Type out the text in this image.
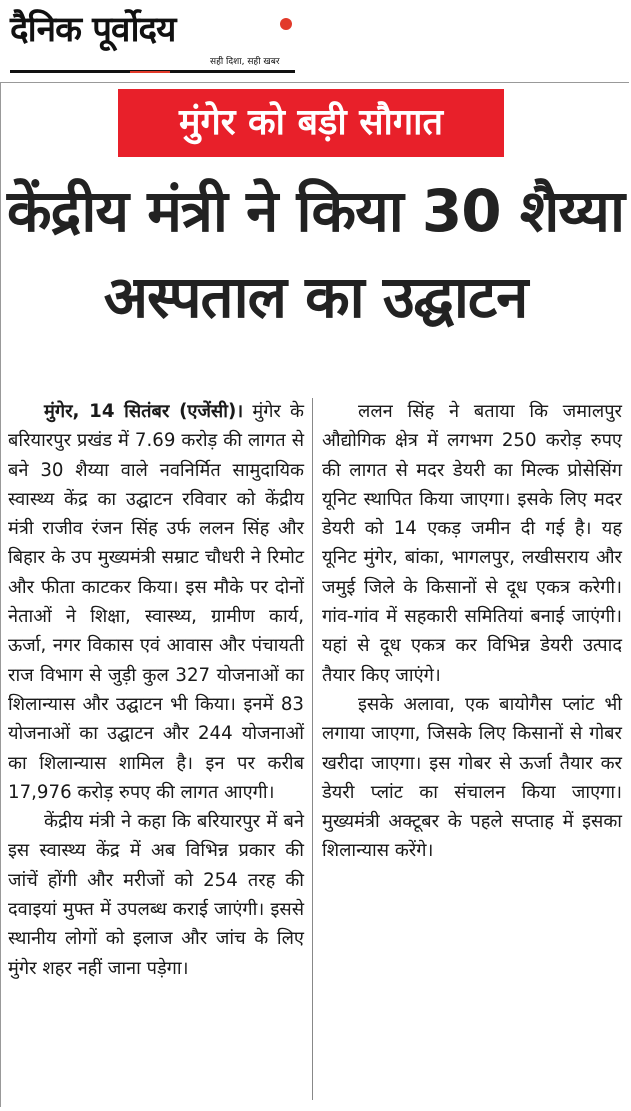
दैनिक पूर्वोदय
सही दिशा, सही खबर
मुंगेर को बड़ी सौगात
केंद्रीय मंत्री ने किया 30 शैय्या अस्पताल का उद्घाटन

मुंगेर, 14 सितंबर (एजेंसी)। मुंगेर के बरियारपुर प्रखंड में 7.69 करोड़ की लागत से बने 30 शैय्या वाले नवनिर्मित सामुदायिक स्वास्थ्य केंद्र का उद्घाटन रविवार को केंद्रीय मंत्री राजीव रंजन सिंह उर्फ ललन सिंह और बिहार के उप मुख्यमंत्री सम्राट चौधरी ने रिमोट और फीता काटकर किया। इस मौके पर दोनों नेताओं ने शिक्षा, स्वास्थ्य, ग्रामीण कार्य, ऊर्जा, नगर विकास एवं आवास और पंचायती राज विभाग से जुड़ी कुल 327 योजनाओं का शिलान्यास और उद्घाटन भी किया। इनमें 83 योजनाओं का उद्घाटन और 244 योजनाओं का शिलान्यास शामिल है। इन पर करीब 17,976 करोड़ रुपए की लागत आएगी।

केंद्रीय मंत्री ने कहा कि बरियारपुर में बने इस स्वास्थ्य केंद्र में अब विभिन्न प्रकार की जांचें होंगी और मरीजों को 254 तरह की दवाइयां मुफ्त में उपलब्ध कराई जाएंगी। इससे स्थानीय लोगों को इलाज और जांच के लिए मुंगेर शहर नहीं जाना पड़ेगा।

ललन सिंह ने बताया कि जमालपुर औद्योगिक क्षेत्र में लगभग 250 करोड़ रुपए की लागत से मदर डेयरी का मिल्क प्रोसेसिंग यूनिट स्थापित किया जाएगा। इसके लिए मदर डेयरी को 14 एकड़ जमीन दी गई है। यह यूनिट मुंगेर, बांका, भागलपुर, लखीसराय और जमुई जिले के किसानों से दूध एकत्र करेगी। गांव-गांव में सहकारी समितियां बनाई जाएंगी। यहां से दूध एकत्र कर विभिन्न डेयरी उत्पाद तैयार किए जाएंगे।

इसके अलावा, एक बायोगैस प्लांट भी लगाया जाएगा, जिसके लिए किसानों से गोबर खरीदा जाएगा। इस गोबर से ऊर्जा तैयार कर डेयरी प्लांट का संचालन किया जाएगा। मुख्यमंत्री अक्टूबर के पहले सप्ताह में इसका शिलान्यास करेंगे।
